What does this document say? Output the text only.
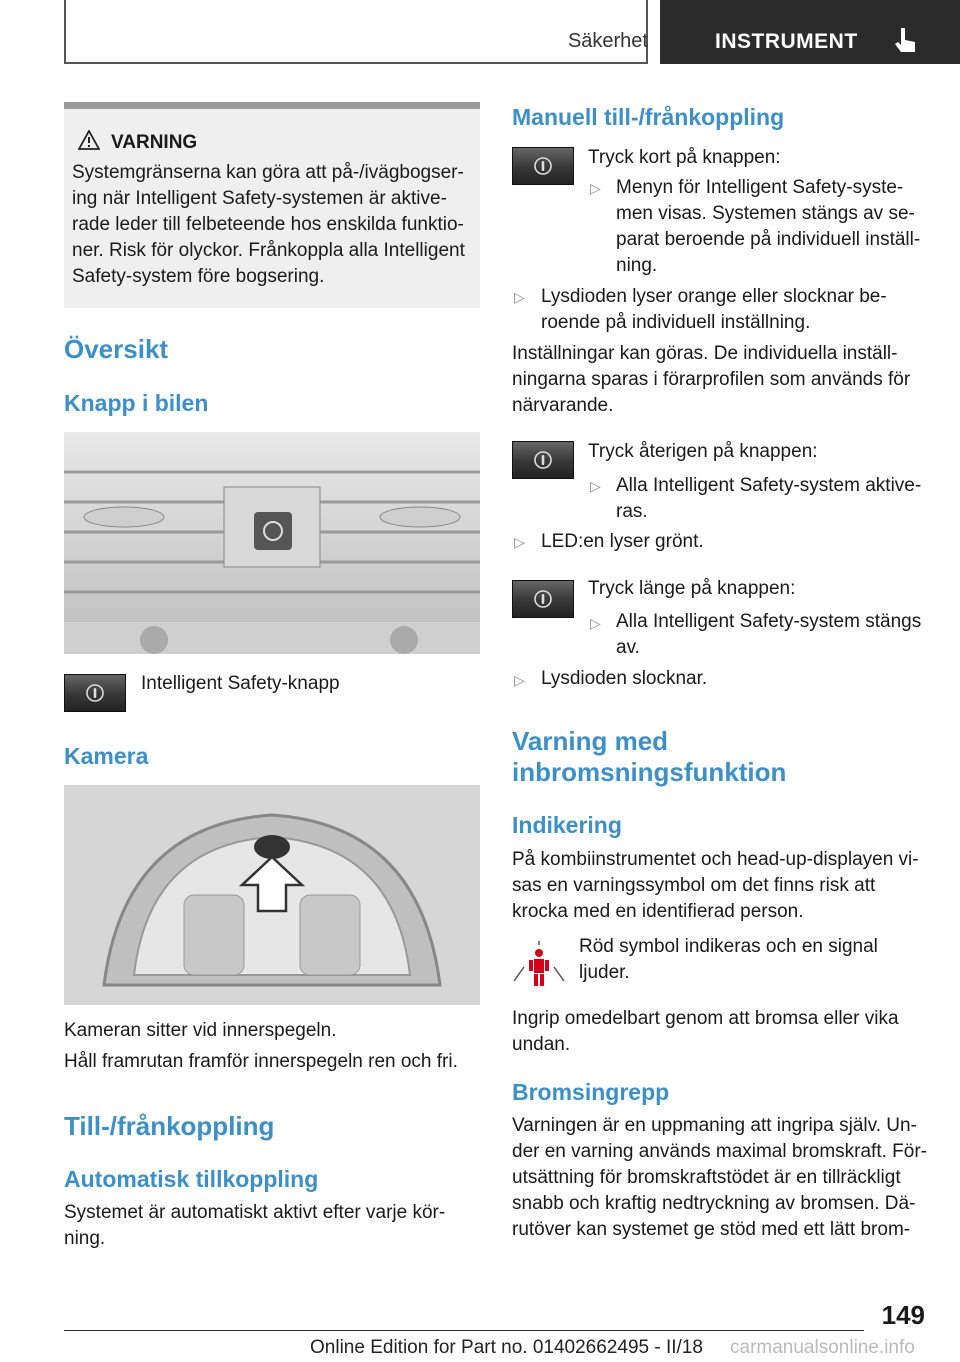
Säkerhet	INSTRUMENT
VARNING
Systemgränserna kan göra att på-/ivägbogser-
ing när Intelligent Safety-systemen är aktive-
rade leder till felbeteende hos enskilda funktio-
ner. Risk för olyckor. Frånkoppla alla Intelligent
Safety-system före bogsering.
Översikt
Knapp i bilen
Intelligent Safety-knapp
Kamera
Kameran sitter vid innerspegeln.
Håll framrutan framför innerspegeln ren och fri.
Till-/frånkoppling
Automatisk tillkoppling
Systemet är automatiskt aktivt efter varje kör-
ning.
Manuell till-/frånkoppling
Tryck kort på knappen:
▷ Menyn för Intelligent Safety-syste-
men visas. Systemen stängs av se-
parat beroende på individuell inställ-
ning.
▷ Lysdioden lyser orange eller slocknar be-
roende på individuell inställning.
Inställningar kan göras. De individuella inställ-
ningarna sparas i förarprofilen som används för
närvarande.
Tryck återigen på knappen:
▷ Alla Intelligent Safety-system aktive-
ras.
▷ LED:en lyser grönt.
Tryck länge på knappen:
▷ Alla Intelligent Safety-system stängs
av.
▷ Lysdioden slocknar.
Varning med
inbromsningsfunktion
Indikering
På kombiinstrumentet och head-up-displayen vi-
sas en varningssymbol om det finns risk att
krocka med en identifierad person.
Röd symbol indikeras och en signal
ljuder.
Ingrip omedelbart genom att bromsa eller vika
undan.
Bromsingrepp
Varningen är en uppmaning att ingripa själv. Un-
der en varning används maximal bromskraft. För-
utsättning för bromskraftstödet är en tillräckligt
snabb och kraftig nedtryckning av bromsen. Dä-
rutöver kan systemet ge stöd med ett lätt brom-
149
Online Edition for Part no. 01402662495 - II/18 carmanualsonline.info
